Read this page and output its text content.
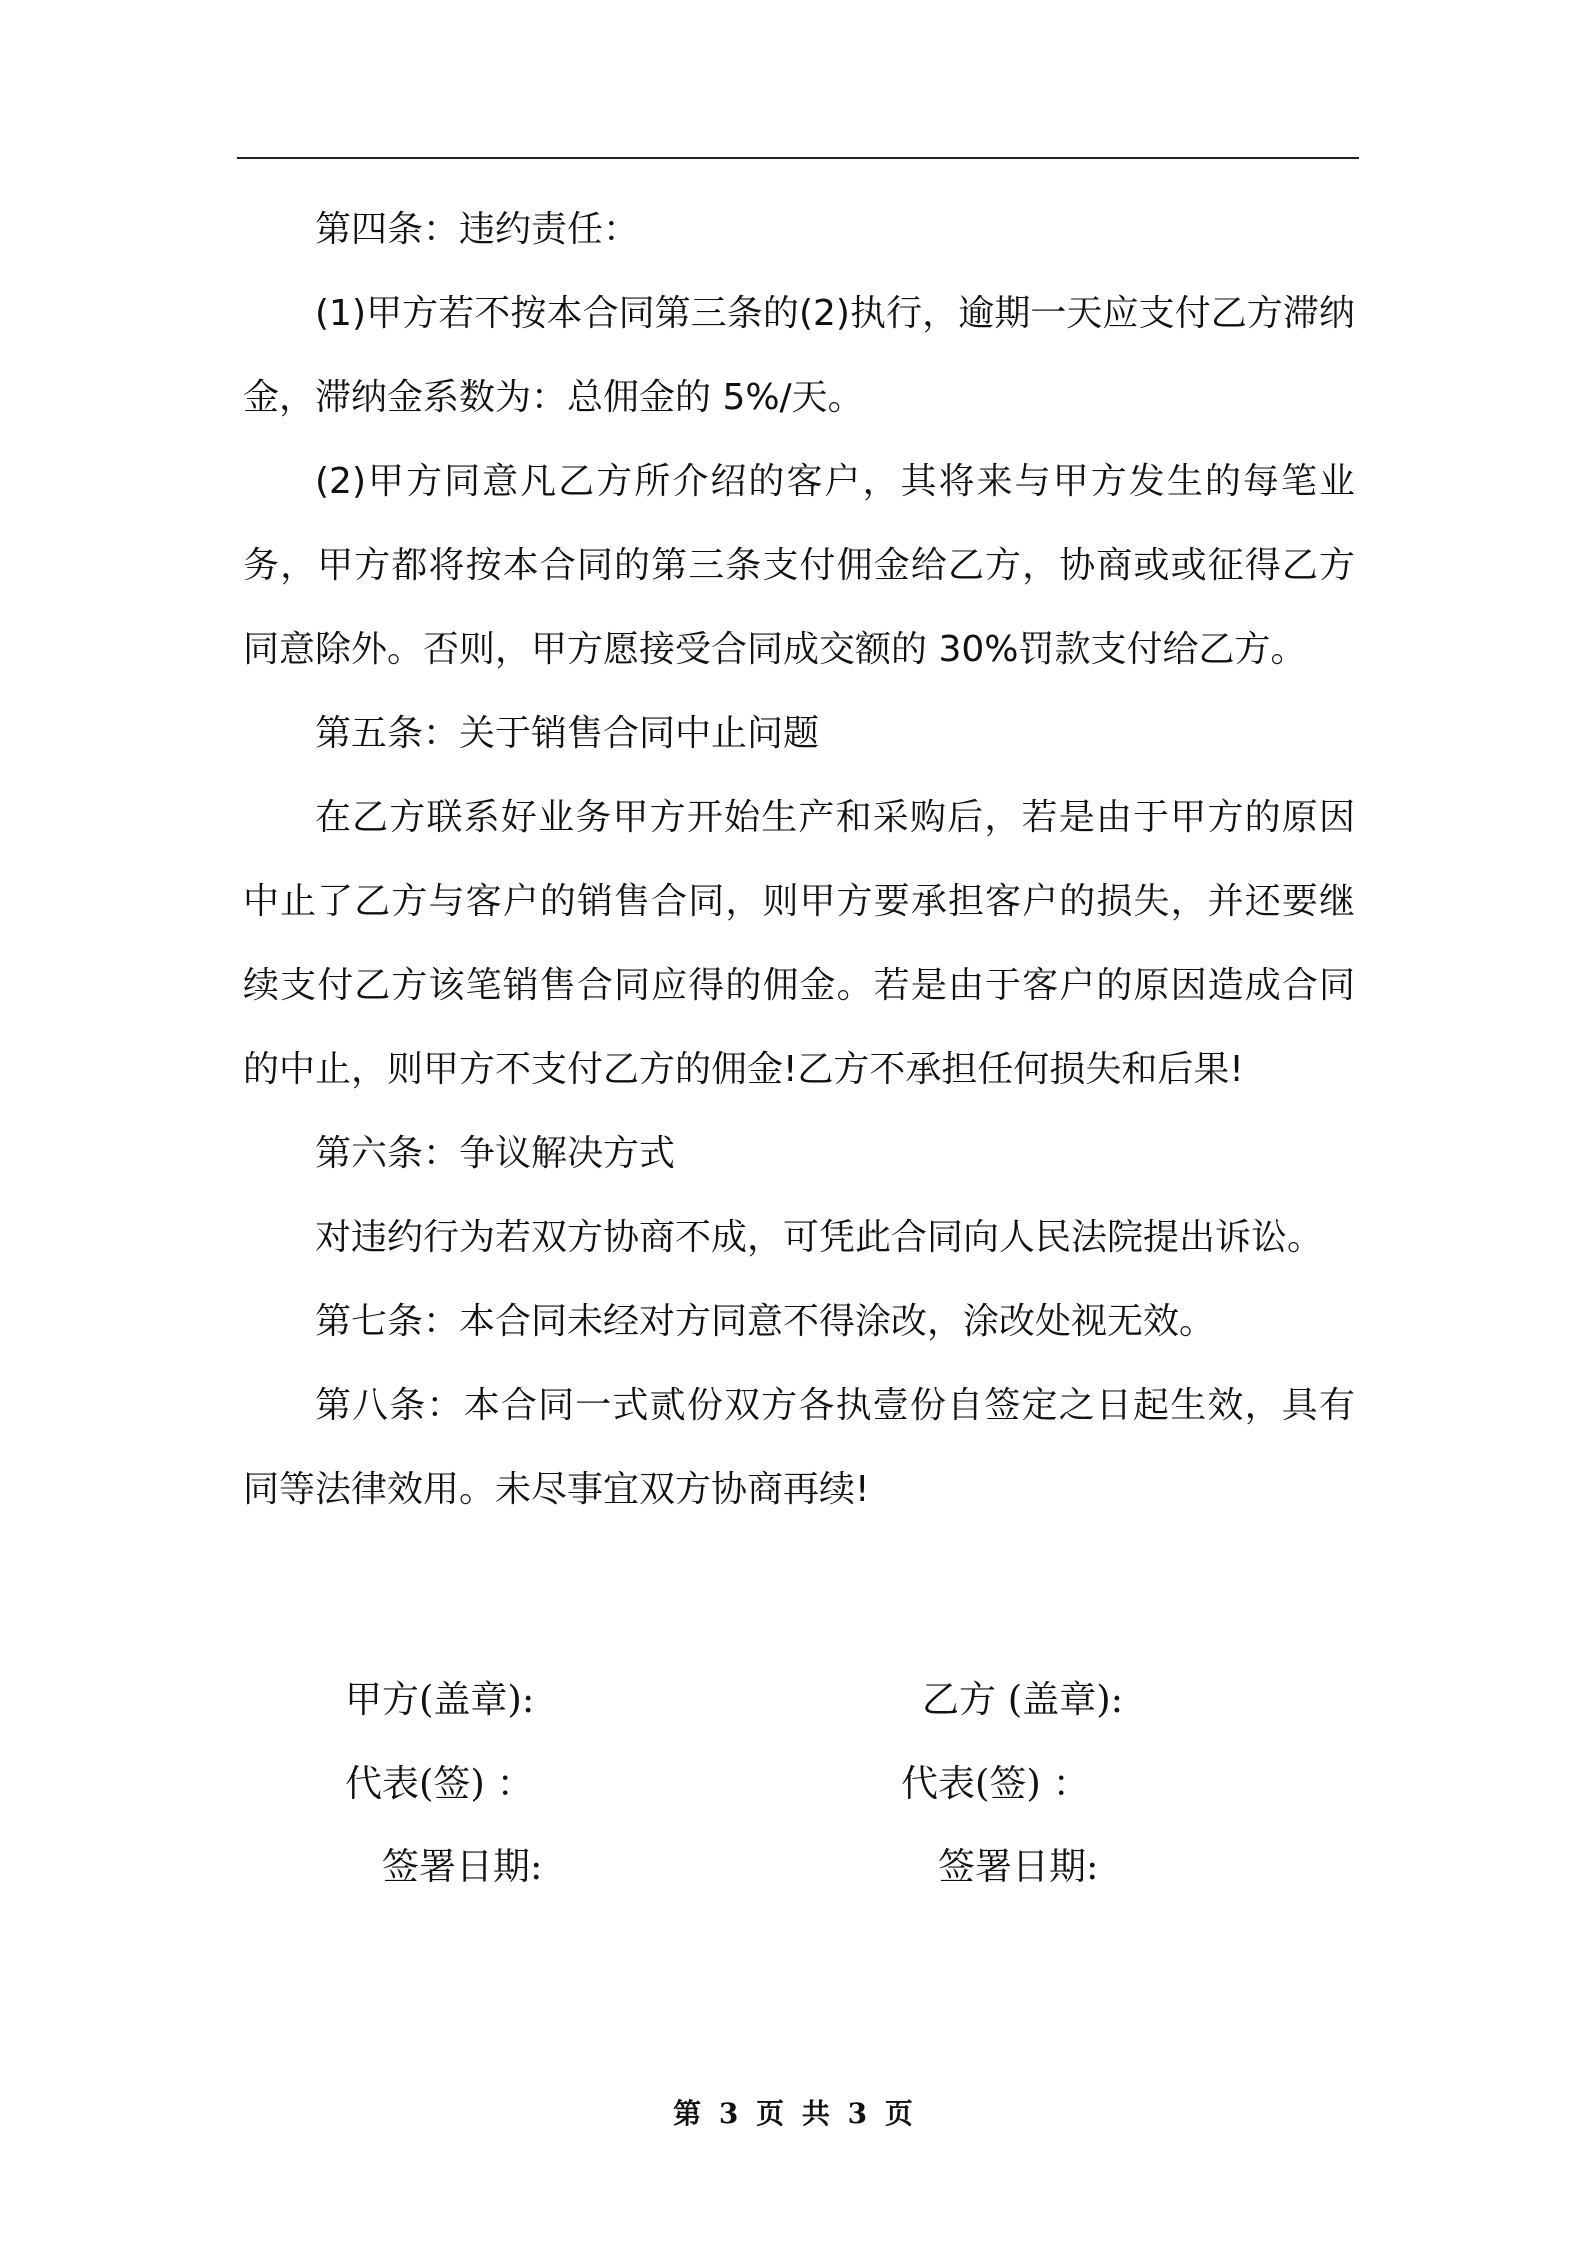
第四条：违约责任：

(1)甲方若不按本合同第三条的(2)执行，逾期一天应支付乙方滞纳金，滞纳金系数为：总佣金的 5%/天。

(2)甲方同意凡乙方所介绍的客户，其将来与甲方发生的每笔业务，甲方都将按本合同的第三条支付佣金给乙方，协商或或征得乙方同意除外。否则，甲方愿接受合同成交额的 30%罚款支付给乙方。

第五条：关于销售合同中止问题

在乙方联系好业务甲方开始生产和采购后，若是由于甲方的原因中止了乙方与客户的销售合同，则甲方要承担客户的损失，并还要继续支付乙方该笔销售合同应得的佣金。若是由于客户的原因造成合同的中止，则甲方不支付乙方的佣金!乙方不承担任何损失和后果!

第六条：争议解决方式

对违约行为若双方协商不成，可凭此合同向人民法院提出诉讼。

第七条：本合同未经对方同意不得涂改，涂改处视无效。

第八条：本合同一式贰份双方各执壹份自签定之日起生效，具有同等法律效用。未尽事宜双方协商再续!

甲方(盖章):	乙方 (盖章):
代表(签) ：	代表(签) ：
签署日期:	签署日期:
第 3 页 共 3 页
